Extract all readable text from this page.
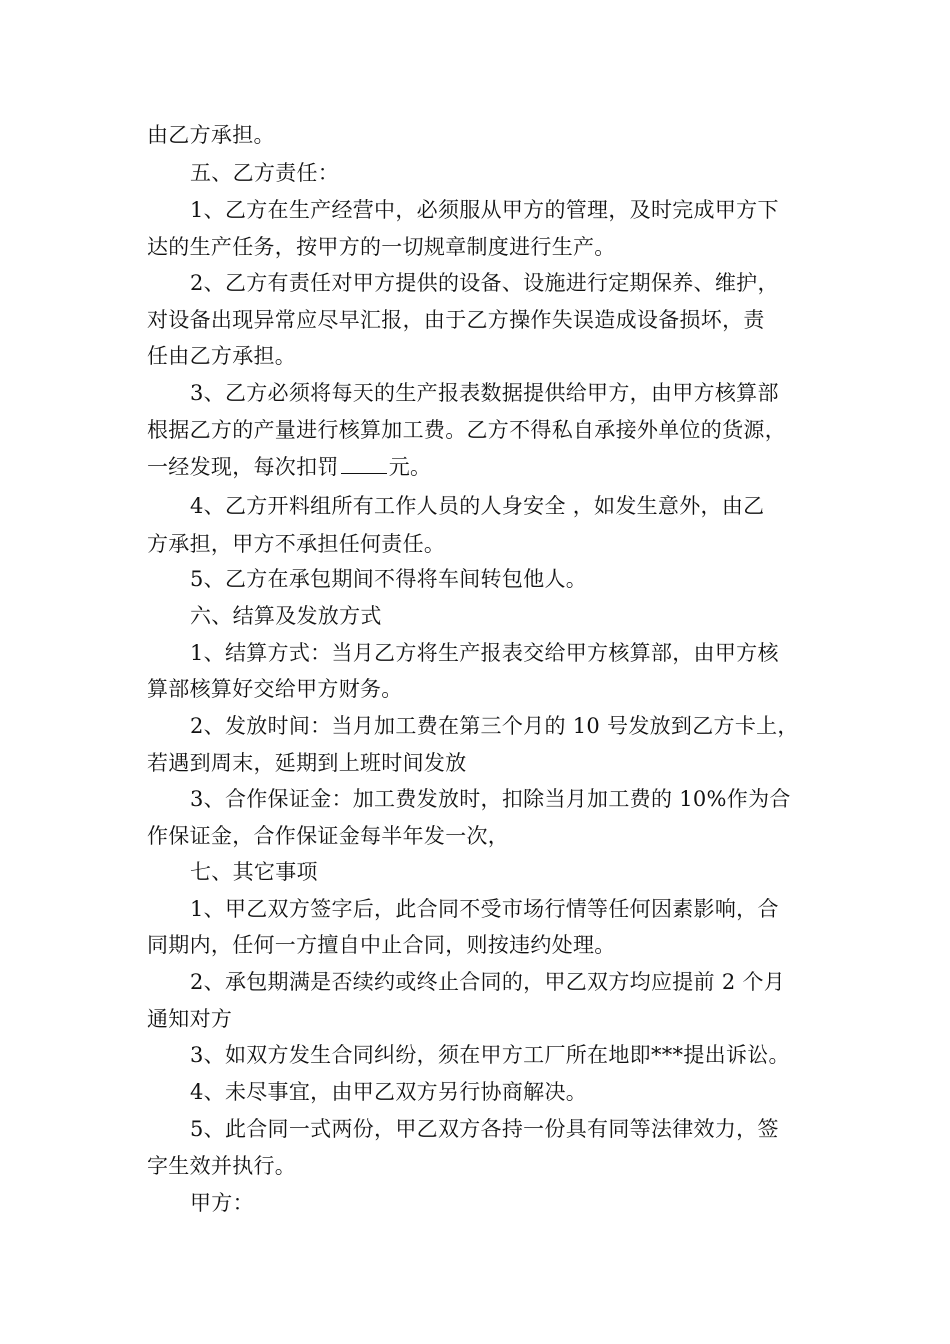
由乙方承担。
五、乙方责任：
1、乙方在生产经营中，必须服从甲方的管理，及时完成甲方下
达的生产任务，按甲方的一切规章制度进行生产。
2、乙方有责任对甲方提供的设备、设施进行定期保养、维护，
对设备出现异常应尽早汇报，由于乙方操作失误造成设备损坏，责
任由乙方承担。
3、乙方必须将每天的生产报表数据提供给甲方，由甲方核算部
根据乙方的产量进行核算加工费。乙方不得私自承接外单位的货源，
一经发现，每次扣罚 元。
4、乙方开料组所有工作人员的人身安全 ，如发生意外，由乙
方承担，甲方不承担任何责任。
5、乙方在承包期间不得将车间转包他人。
六、结算及发放方式
1、结算方式：当月乙方将生产报表交给甲方核算部，由甲方核
算部核算好交给甲方财务。
2、发放时间：当月加工费在第三个月的 10 号发放到乙方卡上，
若遇到周末，延期到上班时间发放
3、合作保证金：加工费发放时，扣除当月加工费的 10%作为合
作保证金，合作保证金每半年发一次，
七、其它事项
1、甲乙双方签字后，此合同不受市场行情等任何因素影响，合
同期内，任何一方擅自中止合同，则按违约处理。
2、承包期满是否续约或终止合同的，甲乙双方均应提前 2 个月
通知对方
3、如双方发生合同纠纷，须在甲方工厂所在地即***提出诉讼。
4、未尽事宜，由甲乙双方另行协商解决。
5、此合同一式两份，甲乙双方各持一份具有同等法律效力，签
字生效并执行。
甲方：
